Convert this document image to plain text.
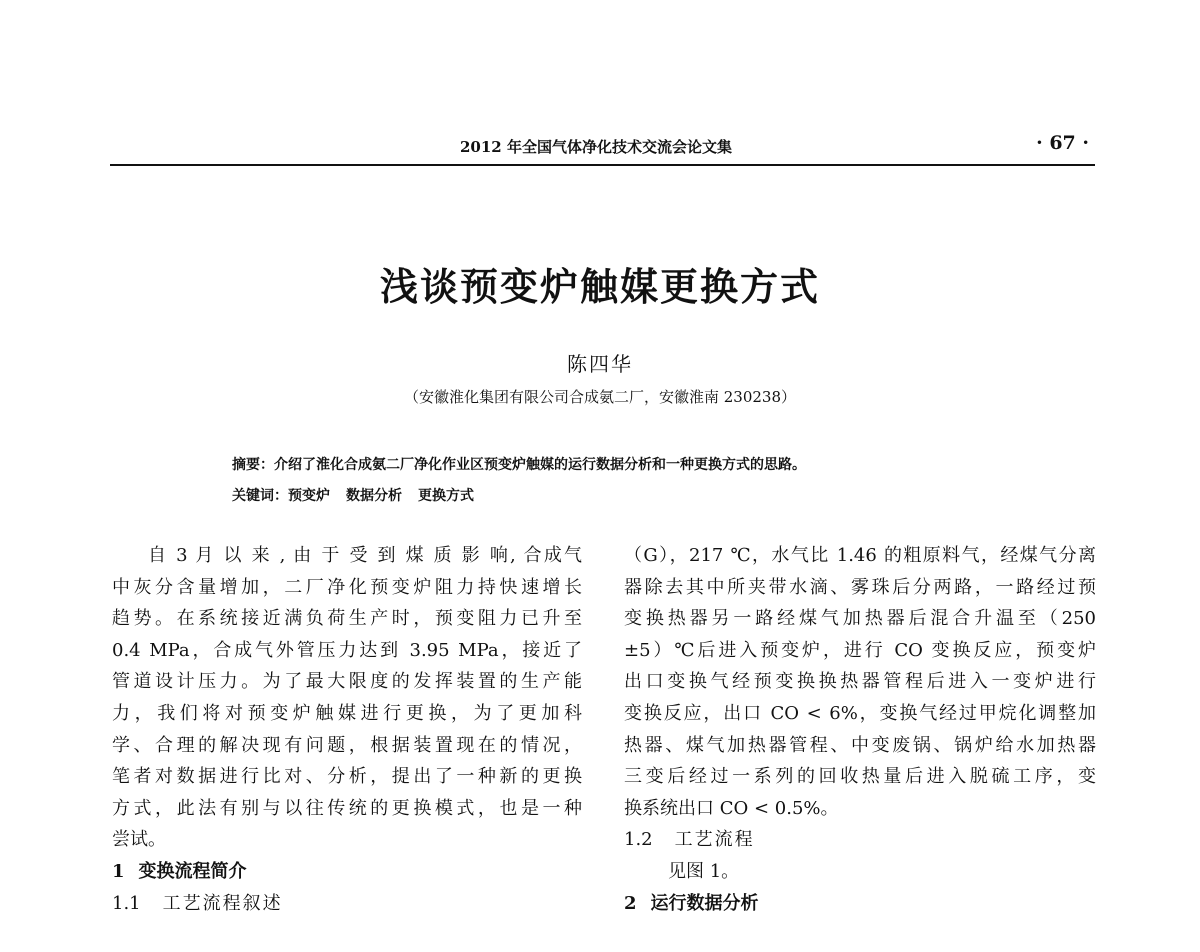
2012 年全国气体净化技术交流会论文集	· 67 ·
浅谈预变炉触媒更换方式
陈四华
（安徽淮化集团有限公司合成氨二厂，安徽淮南 230238）
摘要：介绍了淮化合成氨二厂净化作业区预变炉触媒的运行数据分析和一种更换方式的思路。
关键词：预变炉 数据分析 更换方式
自 3 月 以 来 , 由 于 受 到 煤 质 影 响, 合成气
中灰分含量增加，二厂净化预变炉阻力持快速增长
趋势。在系统接近满负荷生产时，预变阻力已升至
0.4 MPa，合成气外管压力达到 3.95 MPa，接近了
管道设计压力。为了最大限度的发挥装置的生产能
力，我们将对预变炉触媒进行更换，为了更加科
学、合理的解决现有问题，根据装置现在的情况，
笔者对数据进行比对、分析，提出了一种新的更换
方式，此法有别与以往传统的更换模式，也是一种
尝试。
1 变换流程简介
1.1 工艺流程叙述
（G），217 ℃，水气比 1.46 的粗原料气，经煤气分离
器除去其中所夹带水滴、雾珠后分两路，一路经过预
变换热器另一路经煤气加热器后混合升温至（250
±5）℃后进入预变炉，进行 CO 变换反应，预变炉
出口变换气经预变换换热器管程后进入一变炉进行
变换反应，出口 CO < 6%，变换气经过甲烷化调整加
热器、煤气加热器管程、中变废锅、锅炉给水加热器
三变后经过一系列的回收热量后进入脱硫工序，变
换系统出口 CO < 0.5%。
1.2 工艺流程
见图 1。
2 运行数据分析
